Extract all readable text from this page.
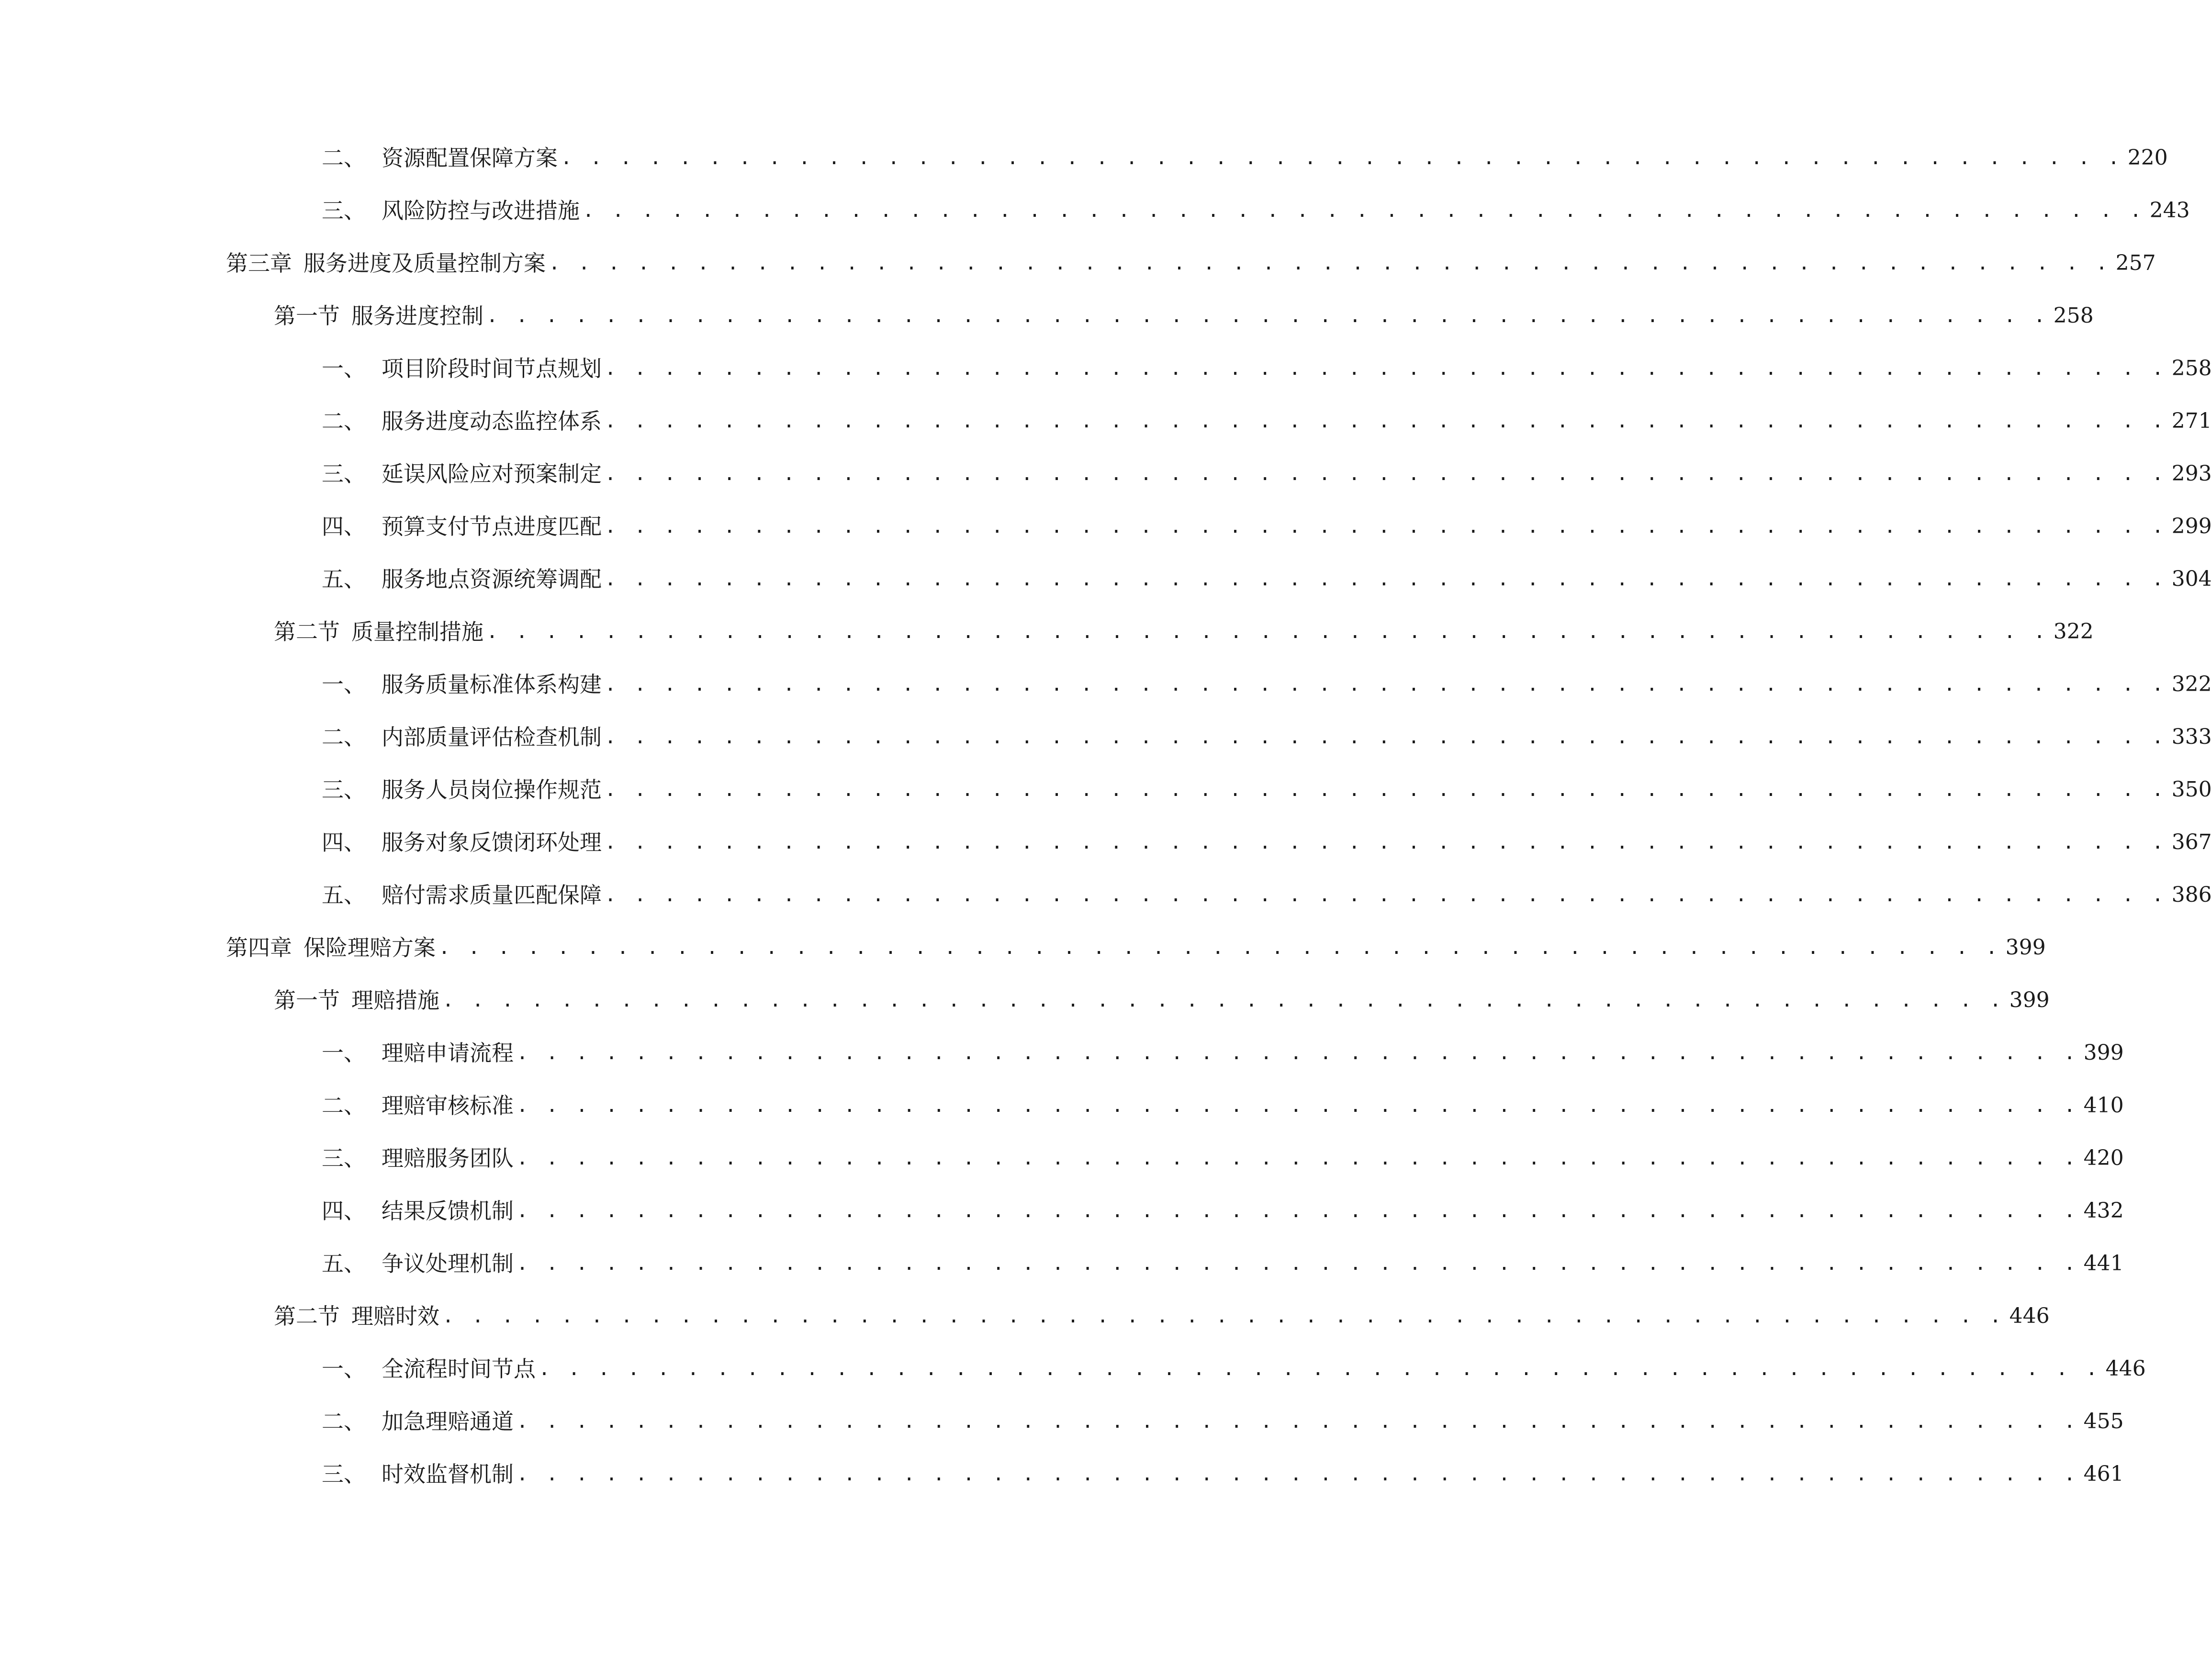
二、 资源配置保障方案 . . . . . . . . . . . . . . . . . . . . . . . . . . . . . . . . . . . . . . . . . . . . . . . . . . . . . 220
三、 风险防控与改进措施 . . . . . . . . . . . . . . . . . . . . . . . . . . . . . . . . . . . . . . . . . . . . . . . . . . . . . 243
第三章 服务进度及质量控制方案 . . . . . . . . . . . . . . . . . . . . . . . . . . . . . . . . . . . . . . . . . . . . . . . . . . . . . 257
第一节 服务进度控制 . . . . . . . . . . . . . . . . . . . . . . . . . . . . . . . . . . . . . . . . . . . . . . . . . . . . . 258
一、 项目阶段时间节点规划 . . . . . . . . . . . . . . . . . . . . . . . . . . . . . . . . . . . . . . . . . . . . . . . . . . . . . 258
二、 服务进度动态监控体系 . . . . . . . . . . . . . . . . . . . . . . . . . . . . . . . . . . . . . . . . . . . . . . . . . . . . . 271
三、 延误风险应对预案制定 . . . . . . . . . . . . . . . . . . . . . . . . . . . . . . . . . . . . . . . . . . . . . . . . . . . . . 293
四、 预算支付节点进度匹配 . . . . . . . . . . . . . . . . . . . . . . . . . . . . . . . . . . . . . . . . . . . . . . . . . . . . . 299
五、 服务地点资源统筹调配 . . . . . . . . . . . . . . . . . . . . . . . . . . . . . . . . . . . . . . . . . . . . . . . . . . . . . 304
第二节 质量控制措施 . . . . . . . . . . . . . . . . . . . . . . . . . . . . . . . . . . . . . . . . . . . . . . . . . . . . . 322
一、 服务质量标准体系构建 . . . . . . . . . . . . . . . . . . . . . . . . . . . . . . . . . . . . . . . . . . . . . . . . . . . . . 322
二、 内部质量评估检查机制 . . . . . . . . . . . . . . . . . . . . . . . . . . . . . . . . . . . . . . . . . . . . . . . . . . . . . 333
三、 服务人员岗位操作规范 . . . . . . . . . . . . . . . . . . . . . . . . . . . . . . . . . . . . . . . . . . . . . . . . . . . . . 350
四、 服务对象反馈闭环处理 . . . . . . . . . . . . . . . . . . . . . . . . . . . . . . . . . . . . . . . . . . . . . . . . . . . . . 367
五、 赔付需求质量匹配保障 . . . . . . . . . . . . . . . . . . . . . . . . . . . . . . . . . . . . . . . . . . . . . . . . . . . . . 386
第四章 保险理赔方案 . . . . . . . . . . . . . . . . . . . . . . . . . . . . . . . . . . . . . . . . . . . . . . . . . . . . . 399
第一节 理赔措施 . . . . . . . . . . . . . . . . . . . . . . . . . . . . . . . . . . . . . . . . . . . . . . . . . . . . . 399
一、 理赔申请流程 . . . . . . . . . . . . . . . . . . . . . . . . . . . . . . . . . . . . . . . . . . . . . . . . . . . . . 399
二、 理赔审核标准 . . . . . . . . . . . . . . . . . . . . . . . . . . . . . . . . . . . . . . . . . . . . . . . . . . . . . 410
三、 理赔服务团队 . . . . . . . . . . . . . . . . . . . . . . . . . . . . . . . . . . . . . . . . . . . . . . . . . . . . . 420
四、 结果反馈机制 . . . . . . . . . . . . . . . . . . . . . . . . . . . . . . . . . . . . . . . . . . . . . . . . . . . . . 432
五、 争议处理机制 . . . . . . . . . . . . . . . . . . . . . . . . . . . . . . . . . . . . . . . . . . . . . . . . . . . . . 441
第二节 理赔时效 . . . . . . . . . . . . . . . . . . . . . . . . . . . . . . . . . . . . . . . . . . . . . . . . . . . . . 446
一、 全流程时间节点 . . . . . . . . . . . . . . . . . . . . . . . . . . . . . . . . . . . . . . . . . . . . . . . . . . . . . 446
二、 加急理赔通道 . . . . . . . . . . . . . . . . . . . . . . . . . . . . . . . . . . . . . . . . . . . . . . . . . . . . . 455
三、 时效监督机制 . . . . . . . . . . . . . . . . . . . . . . . . . . . . . . . . . . . . . . . . . . . . . . . . . . . . . 461
